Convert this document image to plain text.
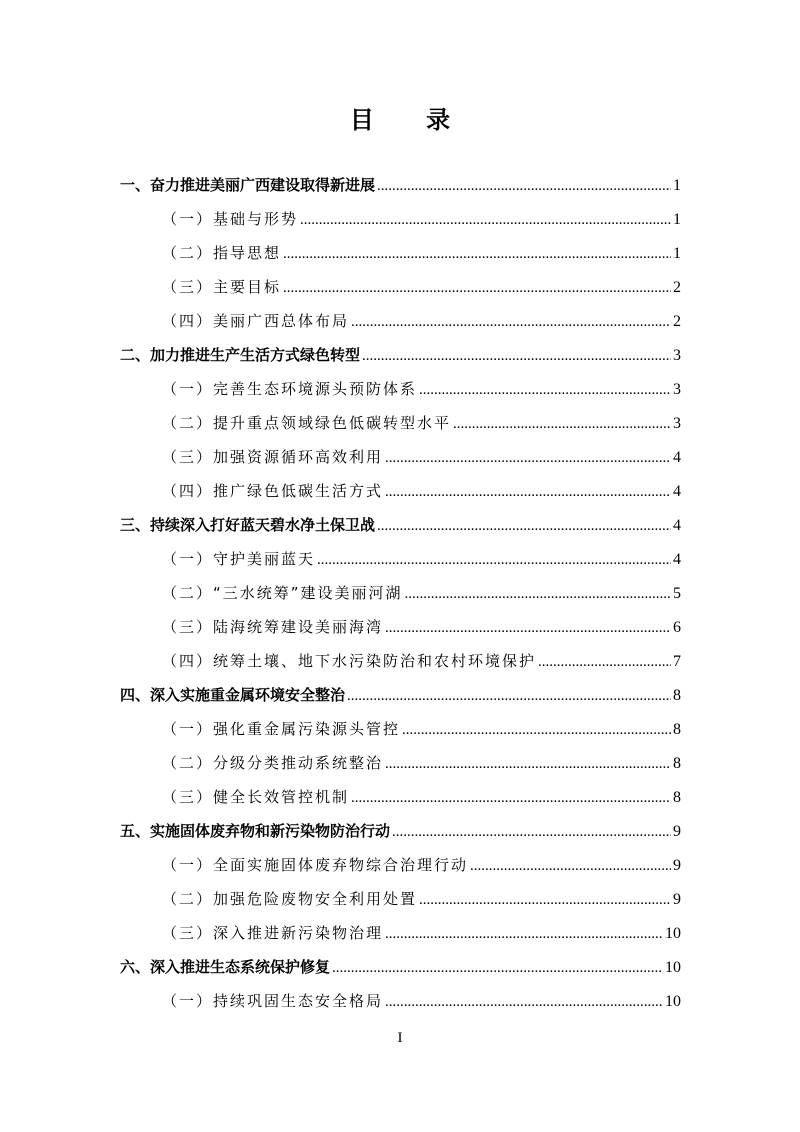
目 录
一、奋力推进美丽广西建设取得新进展 .....	1
（一）基础与形势 .....	1
（二）指导思想 .....	1
（三）主要目标 .....	2
（四）美丽广西总体布局 .....	2
二、加力推进生产生活方式绿色转型 .....	3
（一）完善生态环境源头预防体系 .....	3
（二）提升重点领域绿色低碳转型水平 .....	3
（三）加强资源循环高效利用 .....	4
（四）推广绿色低碳生活方式 .....	4
三、持续深入打好蓝天碧水净土保卫战 .....	4
（一）守护美丽蓝天 .....	4
（二）“三水统筹”建设美丽河湖 .....	5
（三）陆海统筹建设美丽海湾 .....	6
（四）统筹土壤、地下水污染防治和农村环境保护 .....	7
四、深入实施重金属环境安全整治 .....	8
（一）强化重金属污染源头管控 .....	8
（二）分级分类推动系统整治 .....	8
（三）健全长效管控机制 .....	8
五、实施固体废弃物和新污染物防治行动 .....	9
（一）全面实施固体废弃物综合治理行动 .....	9
（二）加强危险废物安全利用处置 .....	9
（三）深入推进新污染物治理 .....	10
六、深入推进生态系统保护修复 .....	10
（一）持续巩固生态安全格局 .....	10
I
